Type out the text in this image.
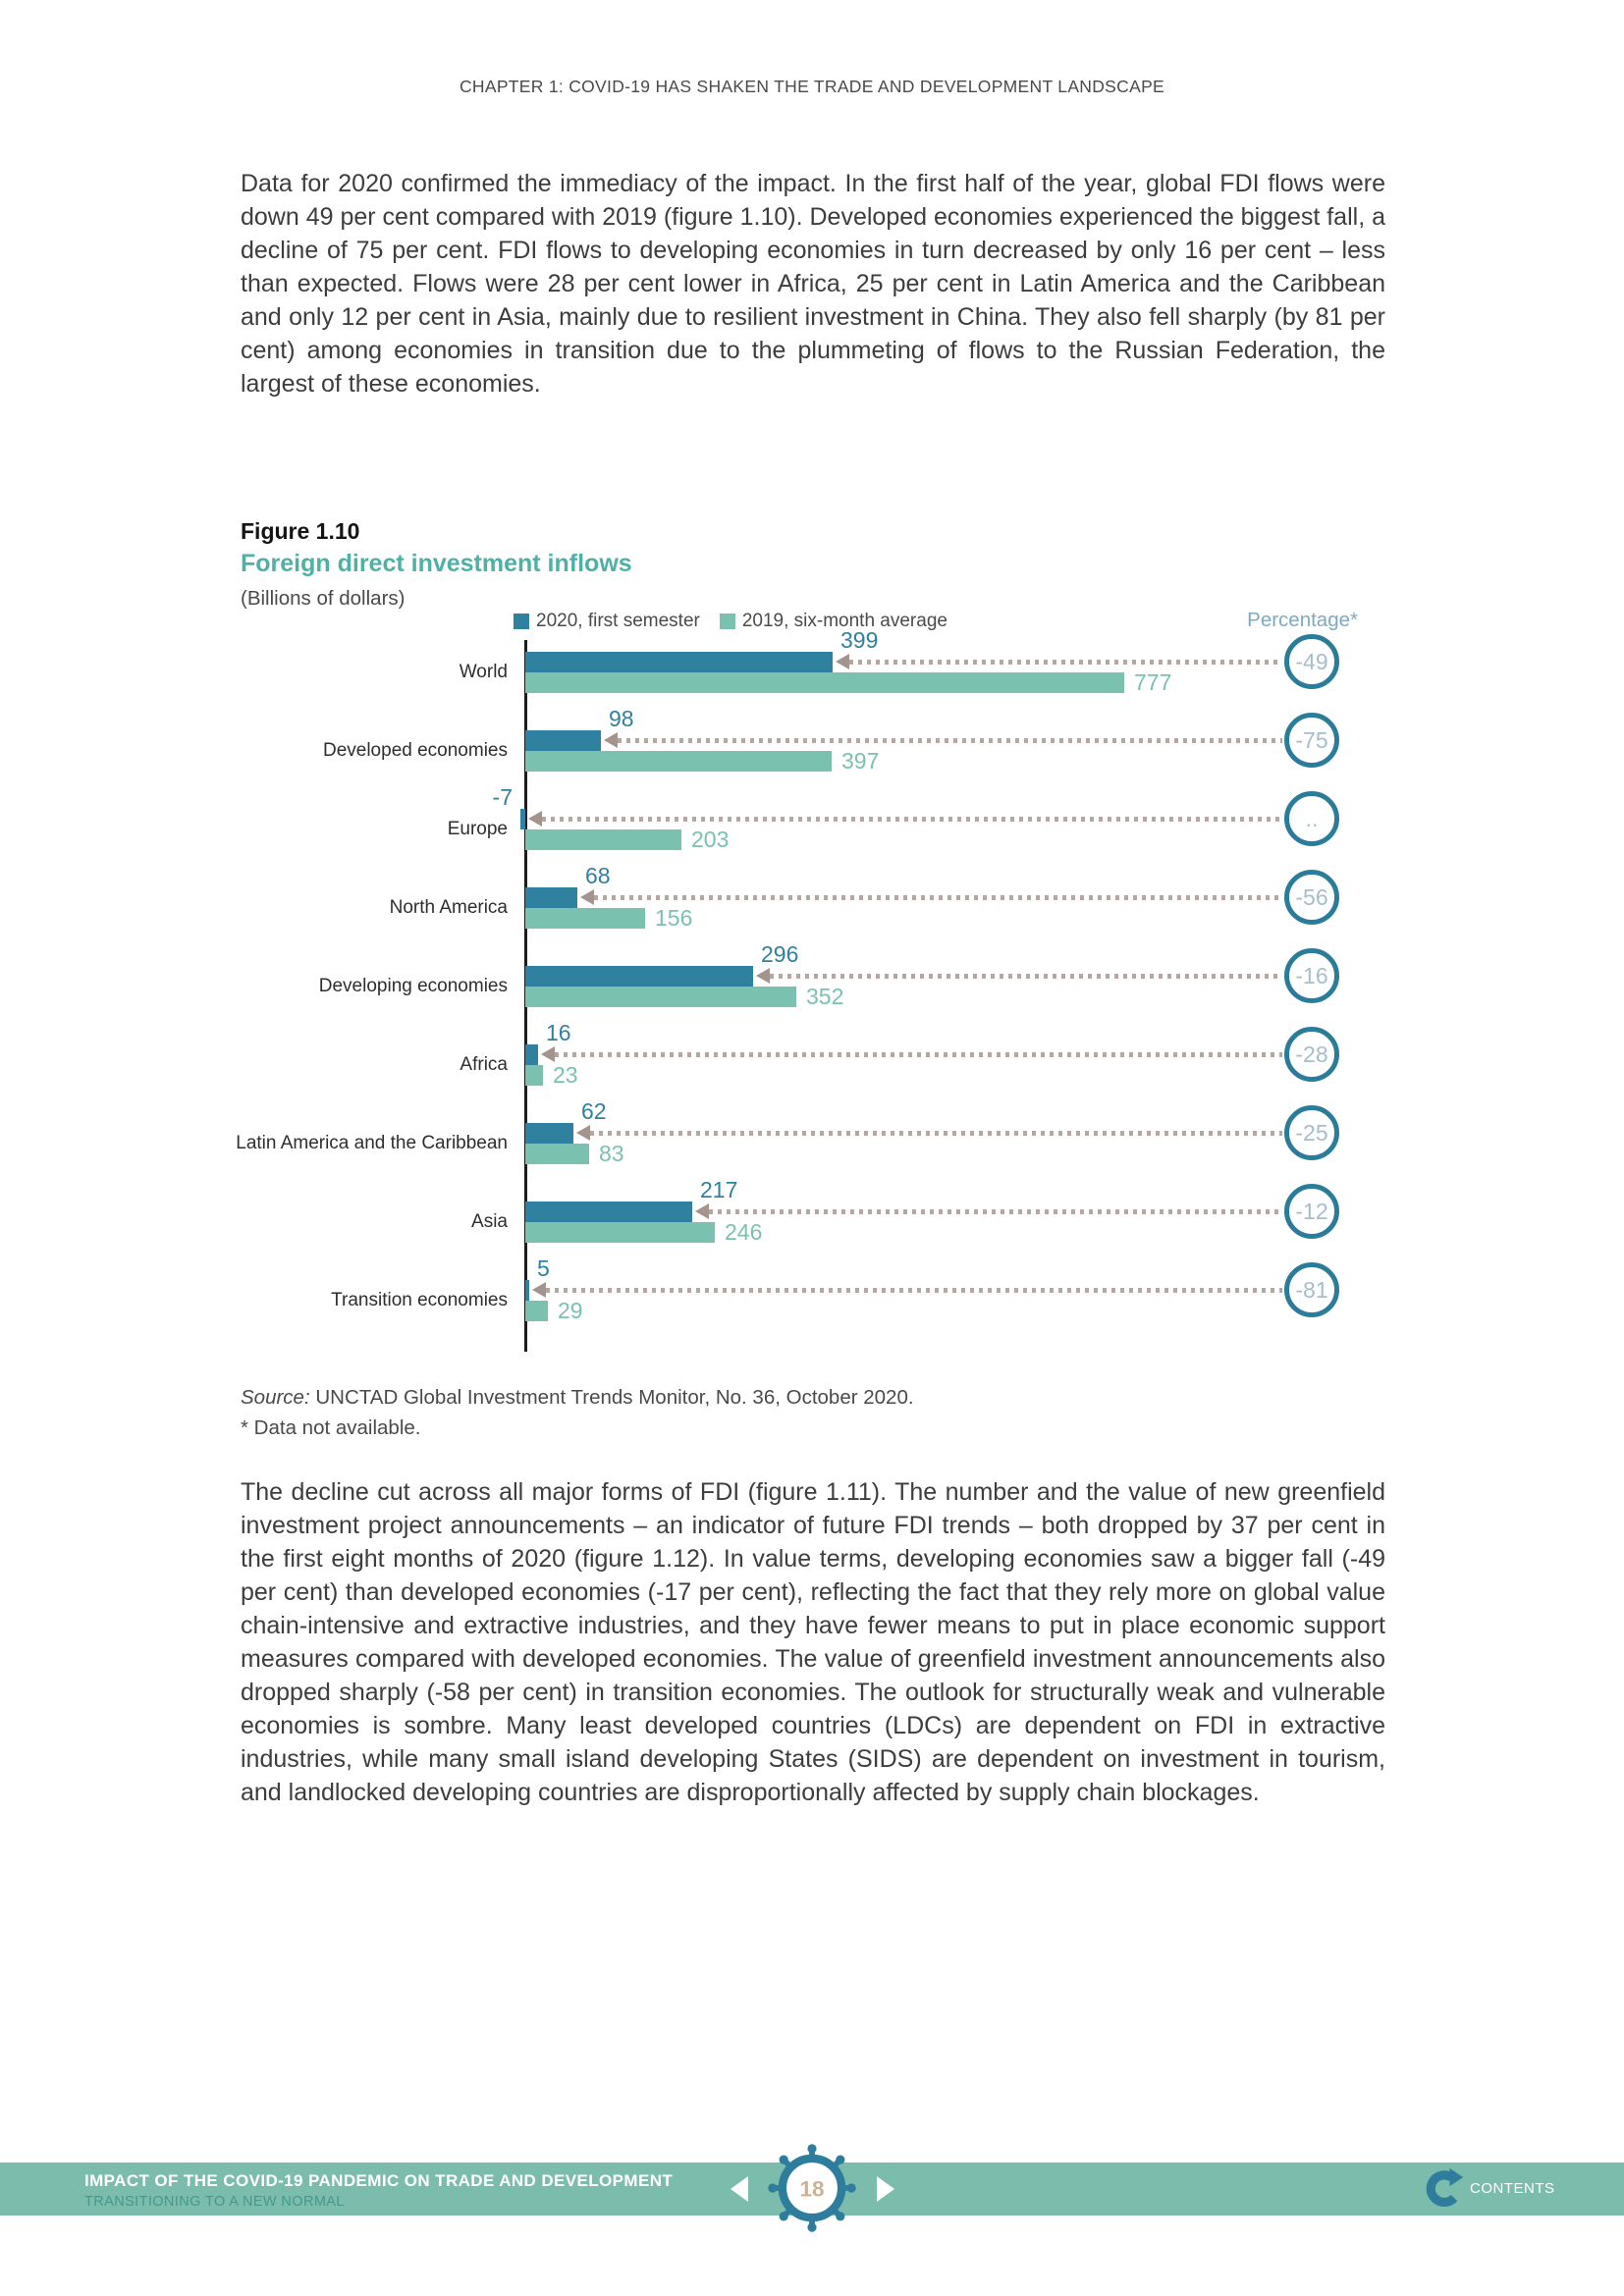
CHAPTER 1: COVID-19 HAS SHAKEN THE TRADE AND DEVELOPMENT LANDSCAPE

Data for 2020 confirmed the immediacy of the impact. In the first half of the year, global FDI flows were down 49 per cent compared with 2019 (figure 1.10). Developed economies experienced the biggest fall, a decline of 75 per cent. FDI flows to developing economies in turn decreased by only 16 per cent – less than expected. Flows were 28 per cent lower in Africa, 25 per cent in Latin America and the Caribbean and only 12 per cent in Asia, mainly due to resilient investment in China. They also fell sharply (by 81 per cent) among economies in transition due to the plummeting of flows to the Russian Federation, the largest of these economies.

Figure 1.10
Foreign direct investment inflows
(Billions of dollars)
2020, first semester 2019, six-month average	Percentage*
World
399
777
-49
Developed economies
98
397
-75
Europe
-7
203
..
North America
68
156
-56
Developing economies
296
352
-16
Africa
16
23
-28
Latin America and the Caribbean
62
83
-25
Asia
217
246
-12
Transition economies
5
29
-81
Source: UNCTAD Global Investment Trends Monitor, No. 36, October 2020.
* Data not available.

The decline cut across all major forms of FDI (figure 1.11). The number and the value of new greenfield investment project announcements – an indicator of future FDI trends – both dropped by 37 per cent in the first eight months of 2020 (figure 1.12). In value terms, developing economies saw a bigger fall (-49 per cent) than developed economies (-17 per cent), reflecting the fact that they rely more on global value chain-intensive and extractive industries, and they have fewer means to put in place economic support measures compared with developed economies. The value of greenfield investment announcements also dropped sharply (-58 per cent) in transition economies. The outlook for structurally weak and vulnerable economies is sombre. Many least developed countries (LDCs) are dependent on FDI in extractive industries, while many small island developing States (SIDS) are dependent on investment in tourism, and landlocked developing countries are disproportionally affected by supply chain blockages.

IMPACT OF THE COVID-19 PANDEMIC ON TRADE AND DEVELOPMENT
TRANSITIONING TO A NEW NORMAL
18	CONTENTS
